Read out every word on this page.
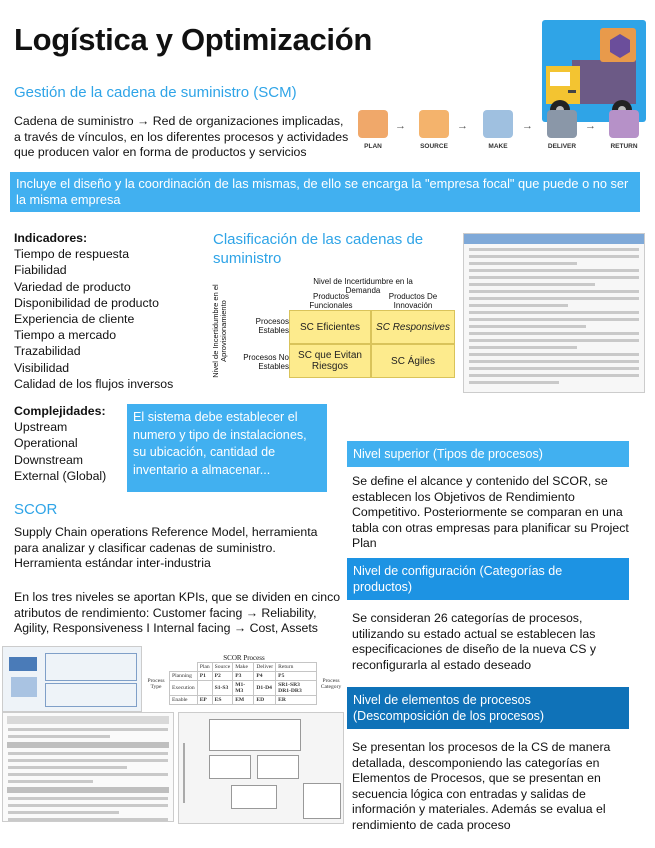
Logística y Optimización
Gestión de la cadena de suministro (SCM)
Cadena de suministro → Red de organizaciones implicadas, a través de vínculos, en los diferentes procesos y actividades que producen valor en forma de productos y servicios	PLAN
→
SOURCE
→
MAKE
→
DELIVER
→
RETURN
Incluye el diseño y la coordinación de las mismas, de ello se encarga la "empresa focal" que puede o no ser la misma empresa
Indicadores:
Tiempo de respuesta
Fiabilidad
Variedad de producto
Disponibilidad de producto
Experiencia de cliente
Tiempo a mercado
Trazabilidad
Visibilidad
Calidad de los flujos inversos
Clasificación de las cadenas de suministro
Nivel de Incertidumbre en la Demanda
Nivel de Incertidumbre en el Aprovisionamiento
Productos Funcionales
Productos De Innovación
Procesos Estables
Procesos No Estables
SC Eficientes	SC Responsives
SC que Evitan Riesgos	SC Ágiles
Complejidades:
Upstream
Operational
Downstream
External (Global)
El sistema debe establecer el numero y tipo de instalaciones, su ubicación, cantidad de inventario a almacenar...
SCOR
Supply Chain operations Reference Model, herramienta para analizar y clasificar cadenas de suministro. Herramienta estándar inter-industria
En los tres niveles se aportan KPIs, que se dividen en cinco atributos de rendimiento: Customer facing → Reliability, Agility, Responsiveness I Internal facing → Cost, Assets
Nivel superior (Tipos de procesos)
Se define el alcance y contenido del SCOR, se establecen los Objetivos de Rendimiento Competitivo. Posteriormente se comparan en una tabla con otras empresas para planificar su Project Plan
Nivel de configuración (Categorías de productos)
Se consideran 26 categorías de procesos, utilizando su estado actual se establecen las especificaciones de diseño de la nueva CS y reconfigurarla al estado deseado
Nivel de elementos de procesos (Descomposición de los procesos)
Se presentan los procesos de la CS de manera detallada, descomponiendo las categorías en Elementos de Procesos, que se presentan en secuencia lógica con entradas y salidas de información y materiales. Además se evalua el rendimiento de cada proceso
SCOR Process
Process Type		Plan	Source	Make	Deliver	Return	Process Category
	Planning	P1	P2	P3	P4	P5	
	Execution		S1-S3	M1-M3	D1-D4	SR1-SR3 DR1-DR3	
	Enable	EP	ES	EM	ED	ER	
